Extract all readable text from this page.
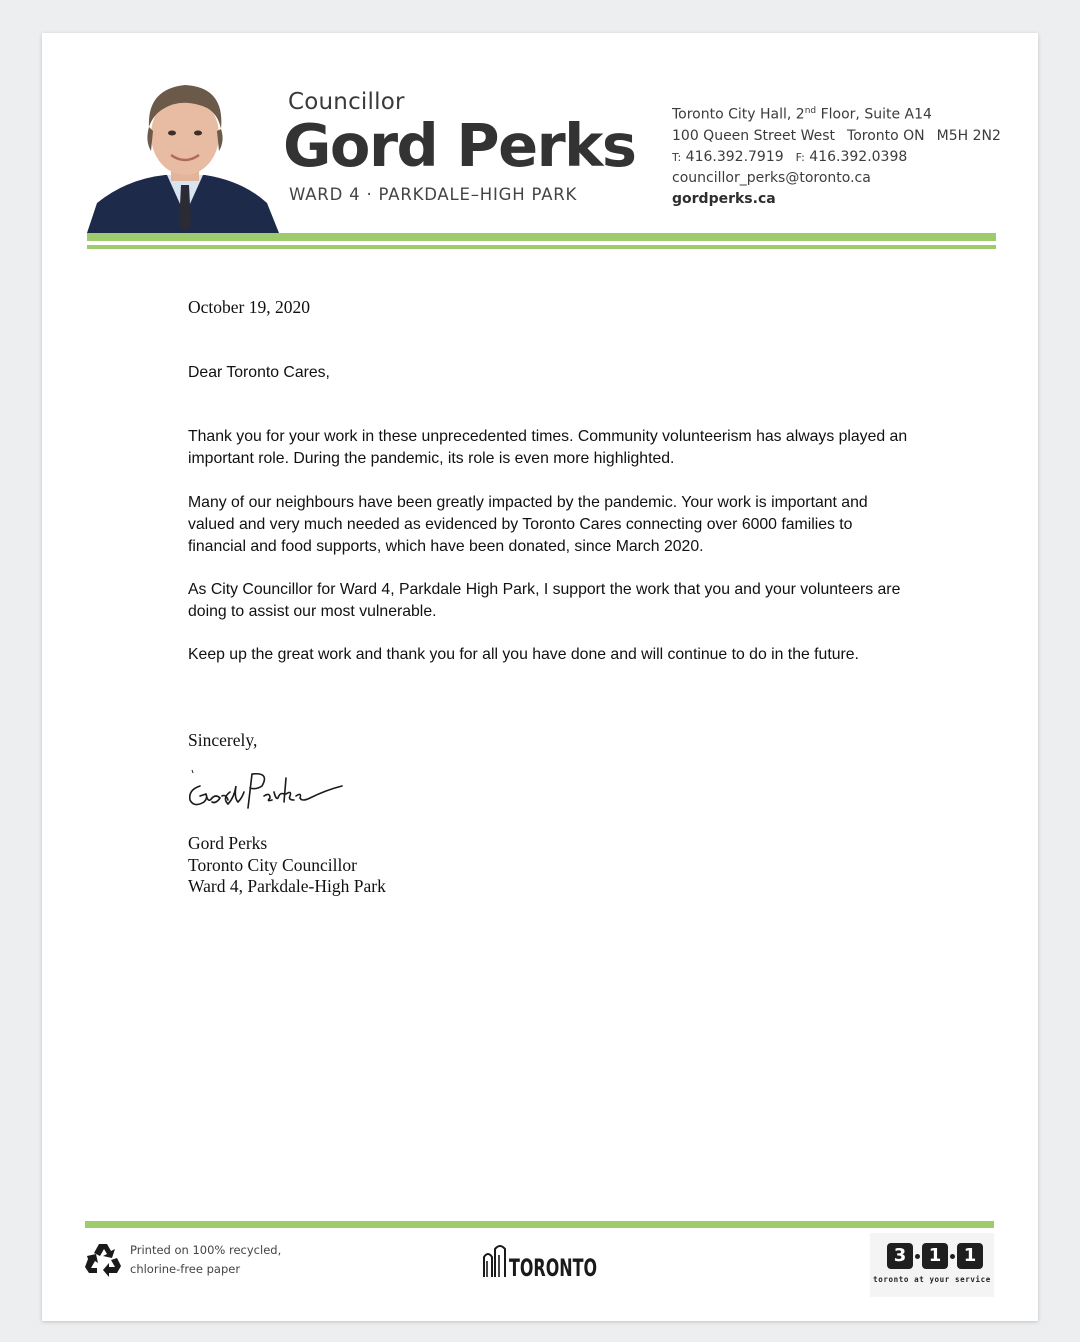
Councillor
Gord Perks
WARD 4 · PARKDALE–HIGH PARK
Toronto City Hall, 2nd Floor, Suite A14
100 Queen Street West Toronto ON M5H 2N2
T: 416.392.7919 F: 416.392.0398
councillor_perks@toronto.ca
gordperks.ca
October 19, 2020
Dear Toronto Cares,

Thank you for your work in these unprecedented times. Community volunteerism has always played an important role. During the pandemic, its role is even more highlighted.

Many of our neighbours have been greatly impacted by the pandemic. Your work is important and valued and very much needed as evidenced by Toronto Cares connecting over 6000 families to financial and food supports, which have been donated, since March 2020.

As City Councillor for Ward 4, Parkdale High Park, I support the work that you and your volunteers are doing to assist our most vulnerable.

Keep up the great work and thank you for all you have done and will continue to do in the future.

Sincerely,
Gord Perks
Toronto City Councillor
Ward 4, Parkdale-High Park
Printed on 100% recycled,
chlorine-free paper	TORONTO	3	1	1
toronto at your service
